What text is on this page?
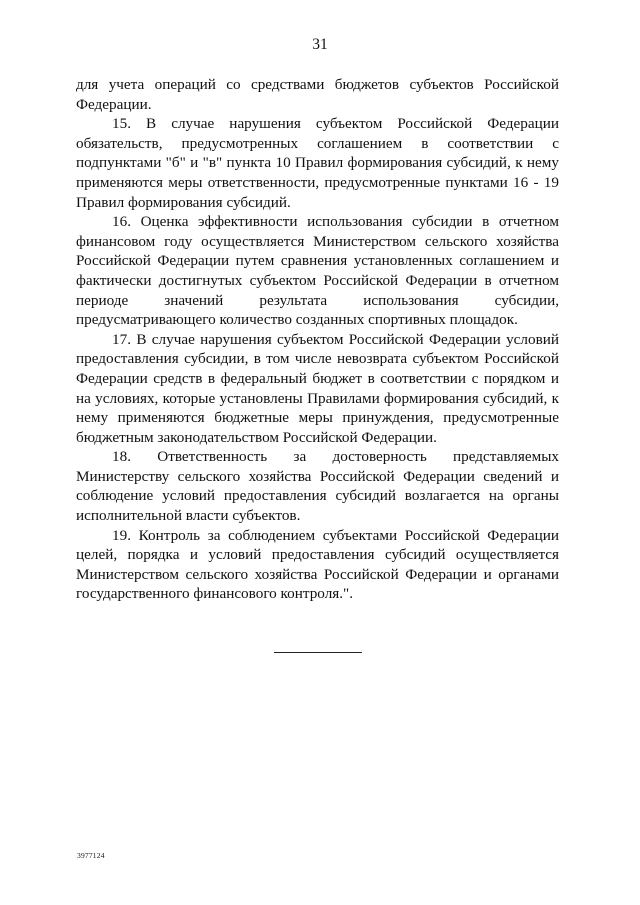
31

для учета операций со средствами бюджетов субъектов Российской Федерации.

15. В случае нарушения субъектом Российской Федерации обязательств, предусмотренных соглашением в соответствии с подпунктами "б" и "в" пункта 10 Правил формирования субсидий, к нему применяются меры ответственности, предусмотренные пунктами 16 - 19 Правил формирования субсидий.

16. Оценка эффективности использования субсидии в отчетном финансовом году осуществляется Министерством сельского хозяйства Российской Федерации путем сравнения установленных соглашением и фактически достигнутых субъектом Российской Федерации в отчетном периоде значений результата использования субсидии, предусматривающего количество созданных спортивных площадок.

17. В случае нарушения субъектом Российской Федерации условий предоставления субсидии, в том числе невозврата субъектом Российской Федерации средств в федеральный бюджет в соответствии с порядком и на условиях, которые установлены Правилами формирования субсидий, к нему применяются бюджетные меры принуждения, предусмотренные бюджетным законодательством Российской Федерации.

18. Ответственность за достоверность представляемых Министерству сельского хозяйства Российской Федерации сведений и соблюдение условий предоставления субсидий возлагается на органы исполнительной власти субъектов.

19. Контроль за соблюдением субъектами Российской Федерации целей, порядка и условий предоставления субсидий осуществляется Министерством сельского хозяйства Российской Федерации и органами государственного финансового контроля.".

3977124
